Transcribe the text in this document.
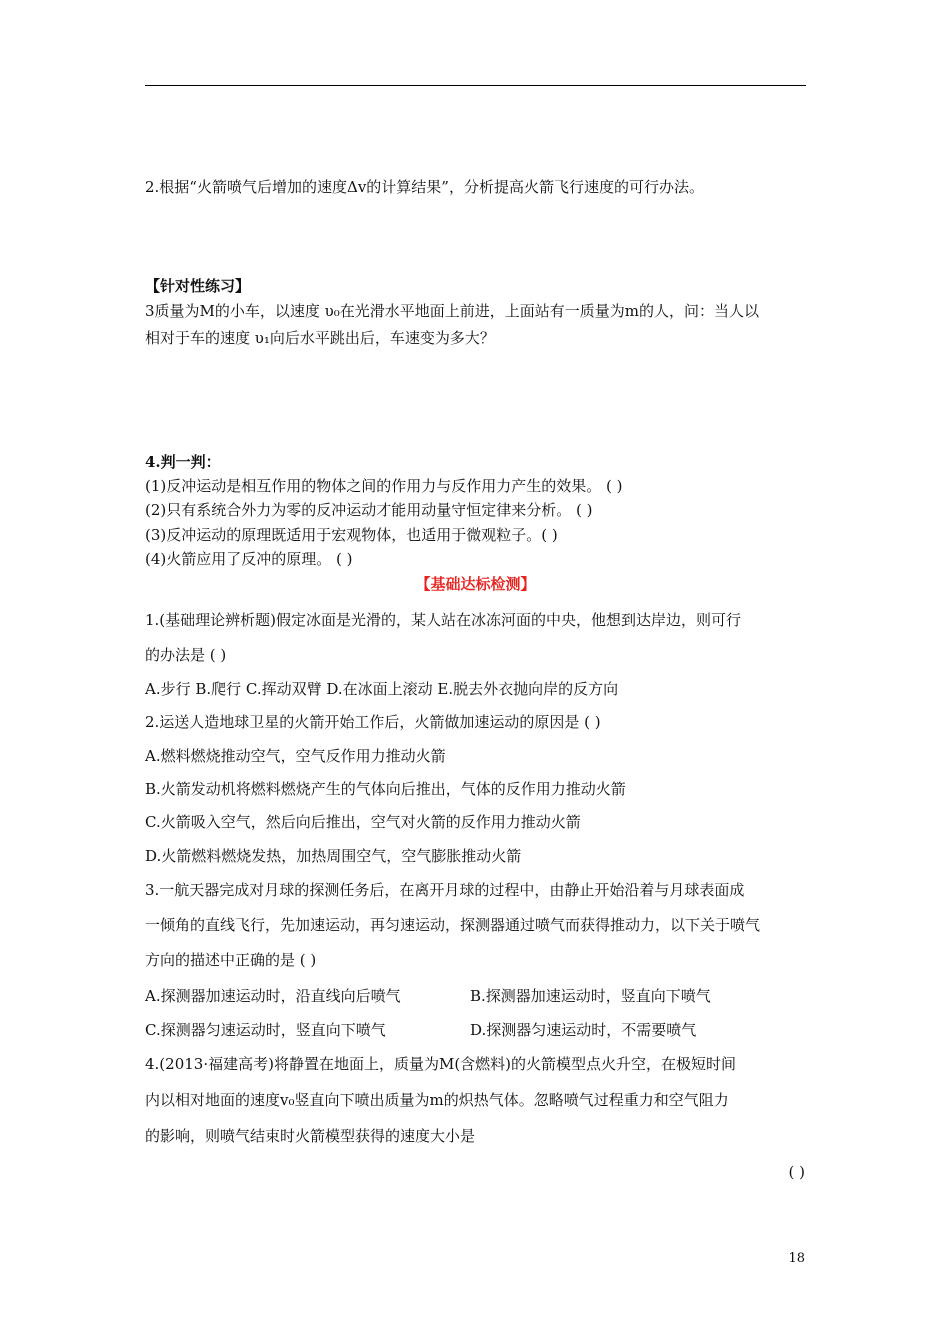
2.根据“火箭喷气后增加的速度Δv的计算结果”，分析提高火箭飞行速度的可行办法。
【针对性练习】
3质量为M的小车，以速度 υ₀在光滑水平地面上前进，上面站有一质量为m的人，问：当人以
相对于车的速度 υ₁向后水平跳出后，车速变为多大？
4.判一判：
(1)反冲运动是相互作用的物体之间的作用力与反作用力产生的效果。 ( )
(2)只有系统合外力为零的反冲运动才能用动量守恒定律来分析。 ( )
(3)反冲运动的原理既适用于宏观物体，也适用于微观粒子。( )
(4)火箭应用了反冲的原理。 ( )
【基础达标检测】
1.(基础理论辨析题)假定冰面是光滑的，某人站在冰冻河面的中央，他想到达岸边，则可行
的办法是 ( )
A.步行 B.爬行 C.挥动双臂 D.在冰面上滚动 E.脱去外衣抛向岸的反方向
2.运送人造地球卫星的火箭开始工作后，火箭做加速运动的原因是 ( )
A.燃料燃烧推动空气，空气反作用力推动火箭
B.火箭发动机将燃料燃烧产生的气体向后推出，气体的反作用力推动火箭
C.火箭吸入空气，然后向后推出，空气对火箭的反作用力推动火箭
D.火箭燃料燃烧发热，加热周围空气，空气膨胀推动火箭
3.一航天器完成对月球的探测任务后，在离开月球的过程中，由静止开始沿着与月球表面成
一倾角的直线飞行，先加速运动，再匀速运动，探测器通过喷气而获得推动力，以下关于喷气
方向的描述中正确的是 ( )
A.探测器加速运动时，沿直线向后喷气	B.探测器加速运动时，竖直向下喷气
C.探测器匀速运动时，竖直向下喷气	D.探测器匀速运动时，不需要喷气
4.(2013·福建高考)将静置在地面上，质量为M(含燃料)的火箭模型点火升空，在极短时间
内以相对地面的速度v₀竖直向下喷出质量为m的炽热气体。忽略喷气过程重力和空气阻力
的影响，则喷气结束时火箭模型获得的速度大小是
( )
18
